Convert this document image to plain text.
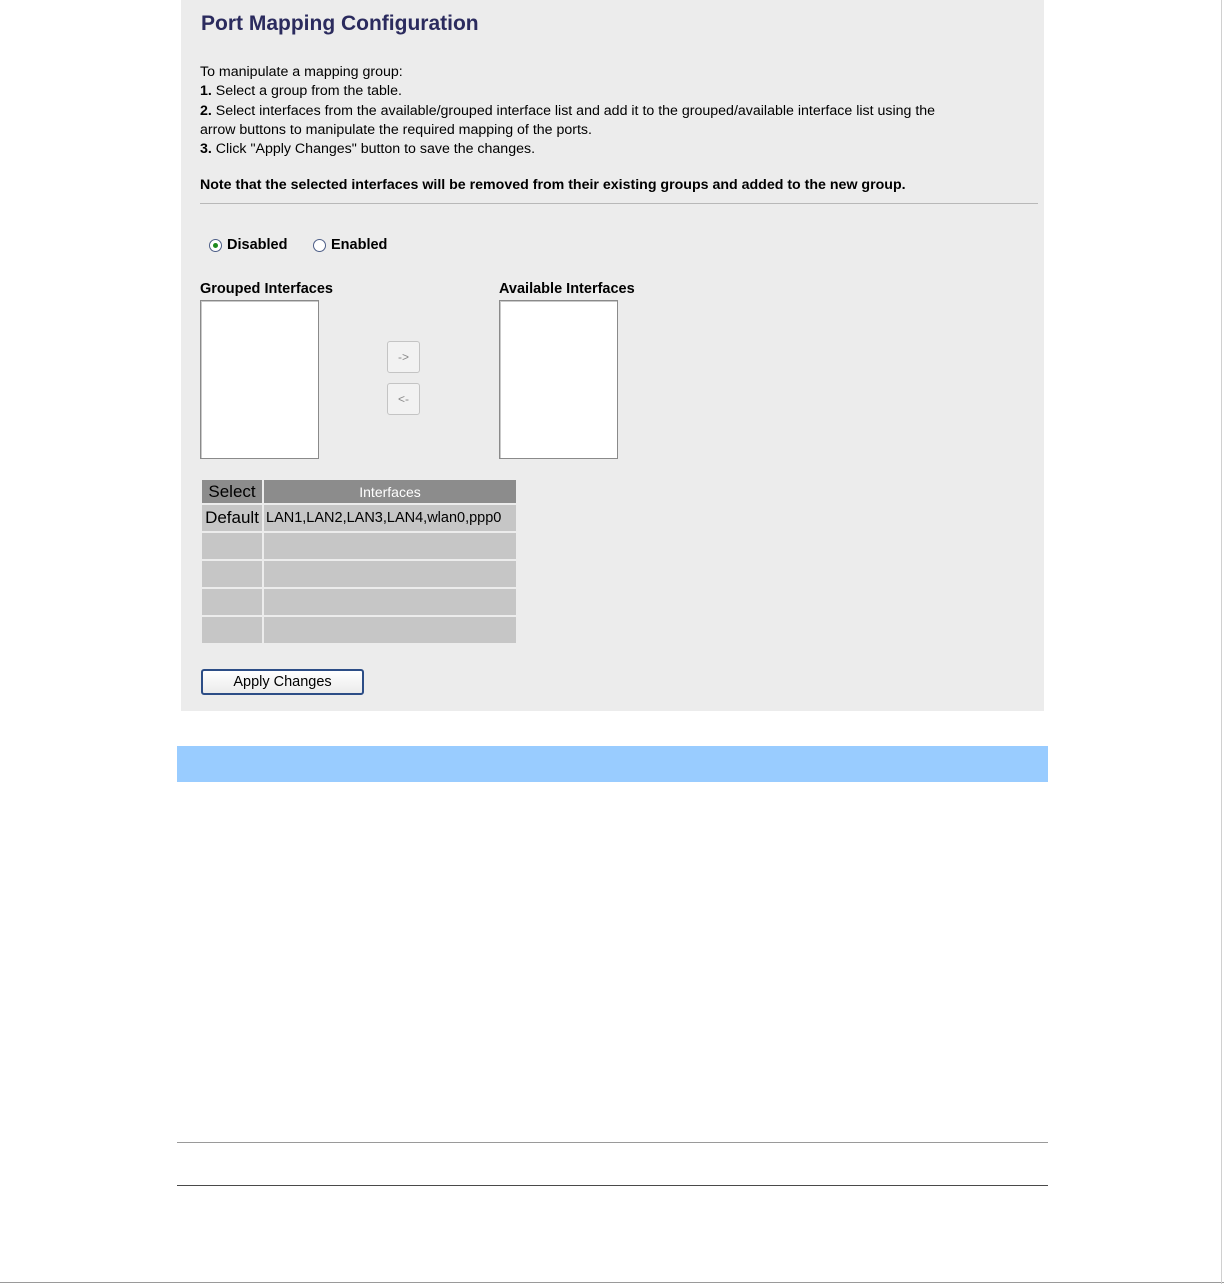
Port Mapping Configuration
To manipulate a mapping group:
1. Select a group from the table.
2. Select interfaces from the available/grouped interface list and add it to the grouped/available interface list using the
arrow buttons to manipulate the required mapping of the ports.
3. Click "Apply Changes" button to save the changes.
Note that the selected interfaces will be removed from their existing groups and added to the new group.
Disabled	Enabled
Grouped Interfaces	Available Interfaces
->
<-
Select	Interfaces
Default	LAN1,LAN2,LAN3,LAN4,wlan0,ppp0

Apply Changes
